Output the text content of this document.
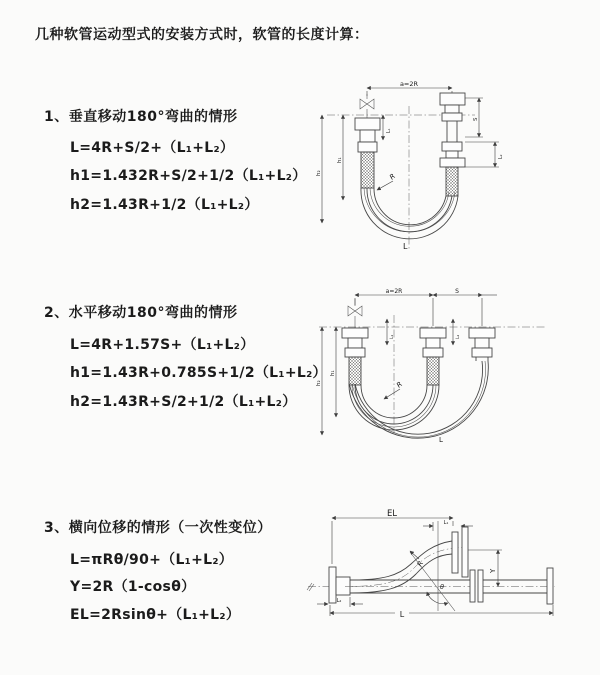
几种软管运动型式的安装方式时，软管的长度计算：
1、垂直移动180°弯曲的情形
L=4R+S/2+（L₁+L₂）
h1=1.432R+S/2+1/2（L₁+L₂）
h2=1.43R+1/2（L₁+L₂）
2、水平移动180°弯曲的情形
L=4R+1.57S+（L₁+L₂）
h1=1.43R+0.785S+1/2（L₁+L₂）
h2=1.43R+S/2+1/2（L₁+L₂）
3、横向位移的情形（一次性变位）
L=πRθ/90+（L₁+L₂）
Y=2R（1-cosθ）
EL=2Rsinθ+（L₁+L₂）
a=2R
h₂
h₁
L₁
S
L₂
R
L
a=2R	S
h₂
h₁
L₁	L₂
R
L
EL
L₁
Y
R
θ
L₂
L
